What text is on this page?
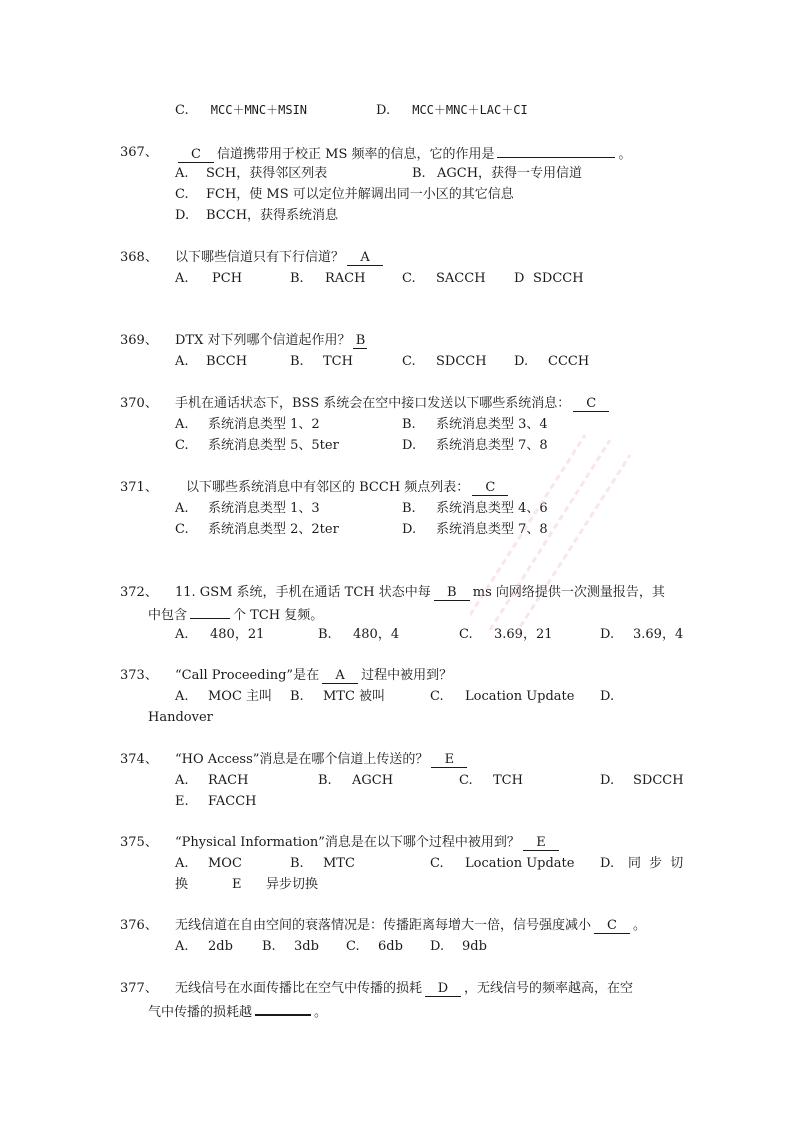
C. MCC＋MNC＋MSIN	D. MCC＋MNC＋LAC＋CI
367、	C 信道携带用于校正 MS 频率的信息，它的作用是	。
A. SCH，获得邻区列表	B. AGCH，获得一专用信道
C. FCH，使 MS 可以定位并解调出同一小区的其它信息
D. BCCH，获得系统消息
368、 以下哪些信道只有下行信道？ A
A. PCH	B. RACH	C. SACCH D SDCCH
369、 DTX 对下列哪个信道起作用？ B
A. BCCH	B. TCH	C. SDCCH D. CCCH
370、 手机在通话状态下，BSS 系统会在空中接口发送以下哪些系统消息： C
A. 系统消息类型 1、2	B. 系统消息类型 3、4
C. 系统消息类型 5、5ter	D. 系统消息类型 7、8
371、 以下哪些系统消息中有邻区的 BCCH 频点列表： C
A. 系统消息类型 1、3	B. 系统消息类型 4、6
C. 系统消息类型 2、2ter	D. 系统消息类型 7、8
372、 11. GSM 系统，手机在通话 TCH 状态中每 B ms 向网络提供一次测量报告，其
中包含	个 TCH 复频。
A. 480，21	B. 480，4	C. 3.69，21	D. 3.69，4
373、 “Call Proceeding”是在 A 过程中被用到？
A. MOC 主叫 B. MTC 被叫	C. Location Update D.
Handover
374、 “HO Access”消息是在哪个信道上传送的？ E
A. RACH	B. AGCH	C. TCH	D. SDCCH
E. FACCH
375、 “Physical Information”消息是在以下哪个过程中被用到？ E
A. MOC	B. MTC	C. Location Update D. 同 步 切
换	E 异步切换
376、 无线信道在自由空间的衰落情况是：传播距离每增大一倍，信号强度减小 C 。
A. 2db B. 3db C. 6db D. 9db
377、 无线信号在水面传播比在空气中传播的损耗 D ，无线信号的频率越高，在空
气中传播的损耗越	。
